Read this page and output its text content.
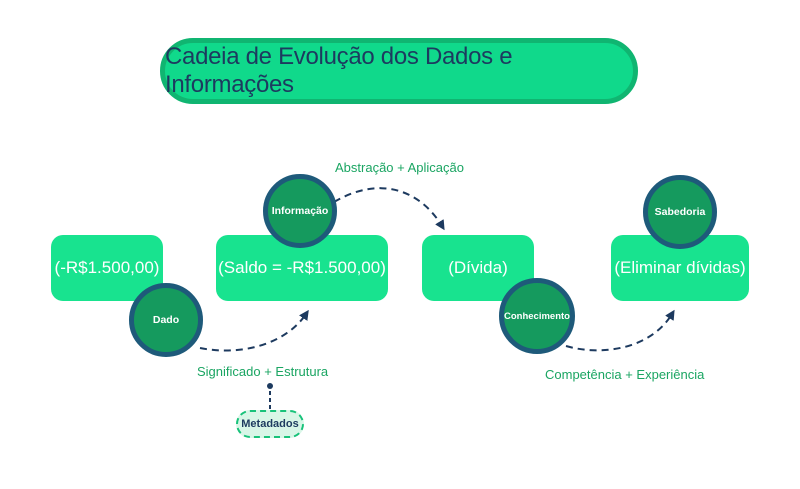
Cadeia de Evolução dos Dados e Informações
(-R$1.500,00)	(Saldo = -R$1.500,00)	(Dívida)	(Eliminar dívidas)
Dado
Informação
Conhecimento
Sabedoria
Abstração + Aplicação
Significado + Estrutura	Competência + Experiência
Metadados
